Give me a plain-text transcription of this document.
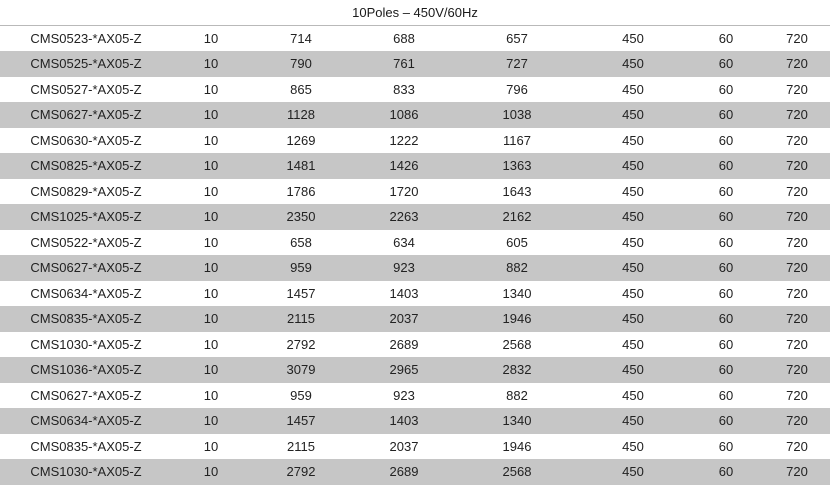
10Poles – 450V/60Hz							
CMS0523-*AX05-Z	10	714	688	657	450	60	720
CMS0525-*AX05-Z	10	790	761	727	450	60	720
CMS0527-*AX05-Z	10	865	833	796	450	60	720
CMS0627-*AX05-Z	10	1128	1086	1038	450	60	720
CMS0630-*AX05-Z	10	1269	1222	1167	450	60	720
CMS0825-*AX05-Z	10	1481	1426	1363	450	60	720
CMS0829-*AX05-Z	10	1786	1720	1643	450	60	720
CMS1025-*AX05-Z	10	2350	2263	2162	450	60	720
CMS0522-*AX05-Z	10	658	634	605	450	60	720
CMS0627-*AX05-Z	10	959	923	882	450	60	720
CMS0634-*AX05-Z	10	1457	1403	1340	450	60	720
CMS0835-*AX05-Z	10	2115	2037	1946	450	60	720
CMS1030-*AX05-Z	10	2792	2689	2568	450	60	720
CMS1036-*AX05-Z	10	3079	2965	2832	450	60	720
CMS0627-*AX05-Z	10	959	923	882	450	60	720
CMS0634-*AX05-Z	10	1457	1403	1340	450	60	720
CMS0835-*AX05-Z	10	2115	2037	1946	450	60	720
CMS1030-*AX05-Z	10	2792	2689	2568	450	60	720
